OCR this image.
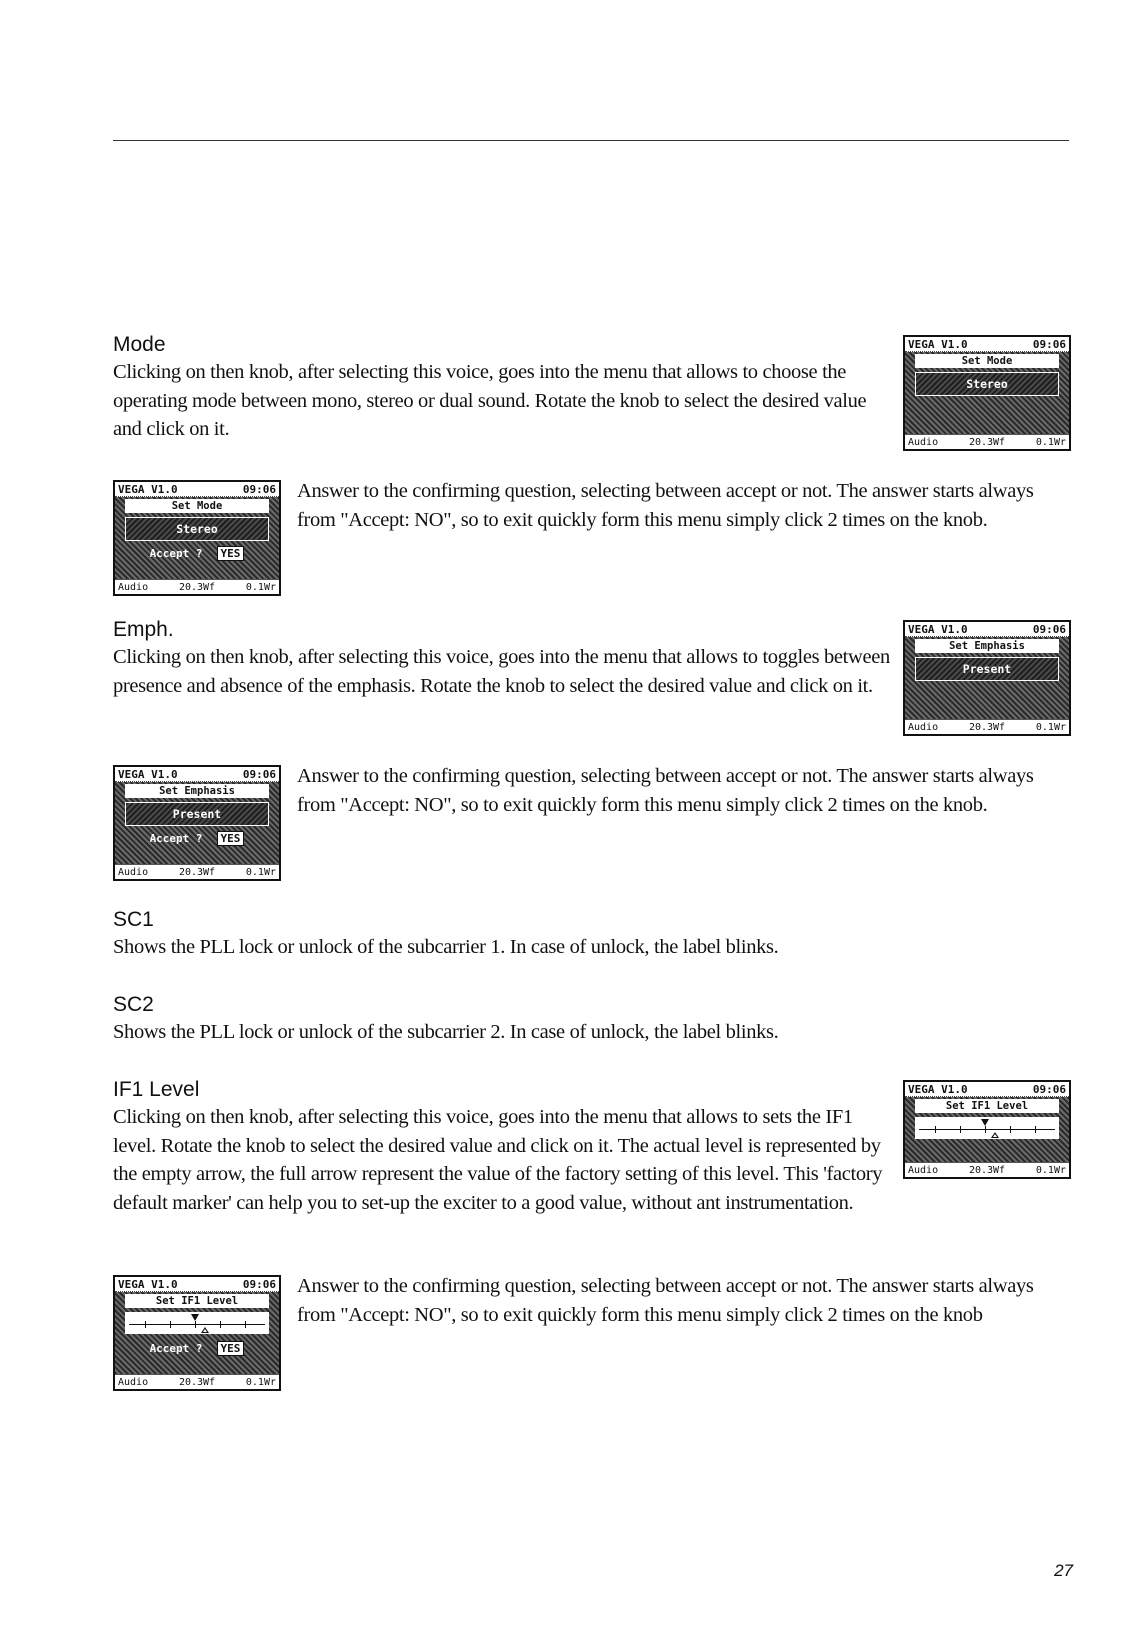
Mode
Clicking on then knob, after selecting this voice, goes into the menu that allows to choose the operating mode between mono, stereo or dual sound. Rotate the knob to select the desired value and click on it.
VEGA V1.0	09:06
Set Mode
Stereo
Audio	20.3Wf	0.1Wr
VEGA V1.0	09:06
Set Mode
Stereo
Accept ?	YES
Audio	20.3Wf	0.1Wr
Answer to the confirming question, selecting between accept or not. The answer starts always from "Accept: NO", so to exit quickly form this menu simply click 2 times on the knob.
Emph.
Clicking on then knob, after selecting this voice, goes into the menu that allows to toggles between presence and absence of the emphasis. Rotate the knob to select the desired value and click on it.
VEGA V1.0	09:06
Set Emphasis
Present
Audio	20.3Wf	0.1Wr
VEGA V1.0	09:06
Set Emphasis
Present
Accept ?	YES
Audio	20.3Wf	0.1Wr
Answer to the confirming question, selecting between accept or not. The answer starts always from "Accept: NO", so to exit quickly form this menu simply click 2 times on the knob.
SC1
Shows the PLL lock or unlock of the subcarrier 1. In case of unlock, the label blinks.
SC2
Shows the PLL lock or unlock of the subcarrier 2. In case of unlock, the label blinks.
IF1 Level
Clicking on then knob, after selecting this voice, goes into the menu that allows to sets the IF1 level. Rotate the knob to select the desired value and click on it. The actual level is represented by the empty arrow, the full arrow represent the value of the factory setting of this level. This 'factory default marker' can help you to set-up the exciter to a good value, without ant instrumentation.
VEGA V1.0	09:06
Set IF1 Level
Audio	20.3Wf	0.1Wr
VEGA V1.0	09:06
Set IF1 Level
Accept ?	YES
Audio	20.3Wf	0.1Wr
Answer to the confirming question, selecting between accept or not. The answer starts always from "Accept: NO", so to exit quickly form this menu simply click 2 times on the knob
27
